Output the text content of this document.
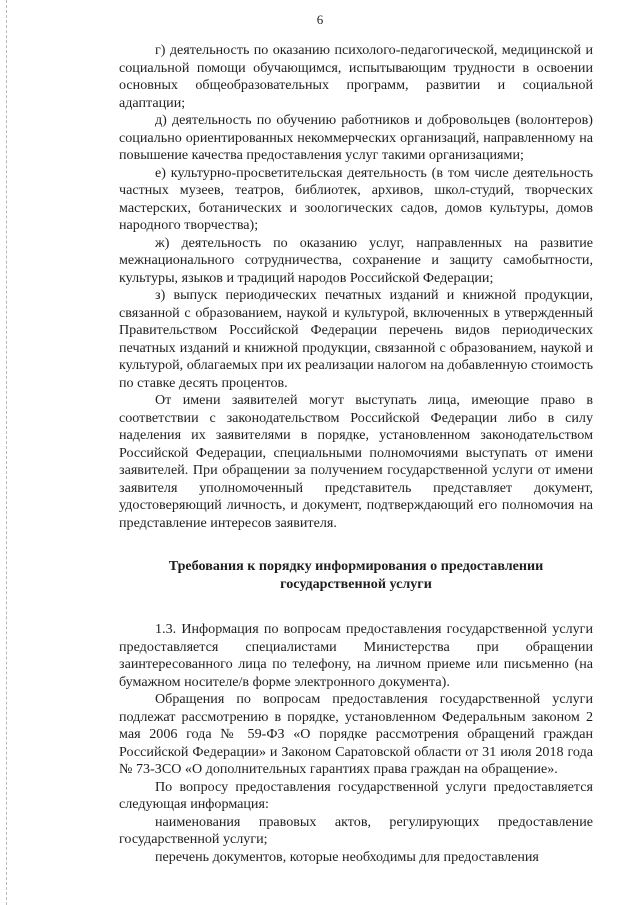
6

г) деятельность по оказанию психолого-педагогической, медицинской и социальной помощи обучающимся, испытывающим трудности в освоении основных общеобразовательных программ, развитии и социальной адаптации;

д) деятельность по обучению работников и добровольцев (волонтеров) социально ориентированных некоммерческих организаций, направленному на повышение качества предоставления услуг такими организациями;

е) культурно-просветительская деятельность (в том числе деятельность частных музеев, театров, библиотек, архивов, школ-студий, творческих мастерских, ботанических и зоологических садов, домов культуры, домов народного творчества);

ж) деятельность по оказанию услуг, направленных на развитие межнационального сотрудничества, сохранение и защиту самобытности, культуры, языков и традиций народов Российской Федерации;

з) выпуск периодических печатных изданий и книжной продукции, связанной с образованием, наукой и культурой, включенных в утвержденный Правительством Российской Федерации перечень видов периодических печатных изданий и книжной продукции, связанной с образованием, наукой и культурой, облагаемых при их реализации налогом на добавленную стоимость по ставке десять процентов.

От имени заявителей могут выступать лица, имеющие право в соответствии с законодательством Российской Федерации либо в силу наделения их заявителями в порядке, установленном законодательством Российской Федерации, специальными полномочиями выступать от имени заявителей. При обращении за получением государственной услуги от имени заявителя уполномоченный представитель представляет документ, удостоверяющий личность, и документ, подтверждающий его полномочия на представление интересов заявителя.

Требования к порядку информирования о предоставлении

государственной услуги

1.3. Информация по вопросам предоставления государственной услуги предоставляется специалистами Министерства при обращении заинтересованного лица по телефону, на личном приеме или письменно (на бумажном носителе/в форме электронного документа).

Обращения по вопросам предоставления государственной услуги подлежат рассмотрению в порядке, установленном Федеральным законом 2 мая 2006 года № 59-ФЗ «О порядке рассмотрения обращений граждан Российской Федерации» и Законом Саратовской области от 31 июля 2018 года № 73-ЗСО «О дополнительных гарантиях права граждан на обращение».

По вопросу предоставления государственной услуги предоставляется следующая информация:

наименования правовых актов, регулирующих предоставление государственной услуги;

перечень документов, которые необходимы для предоставления
